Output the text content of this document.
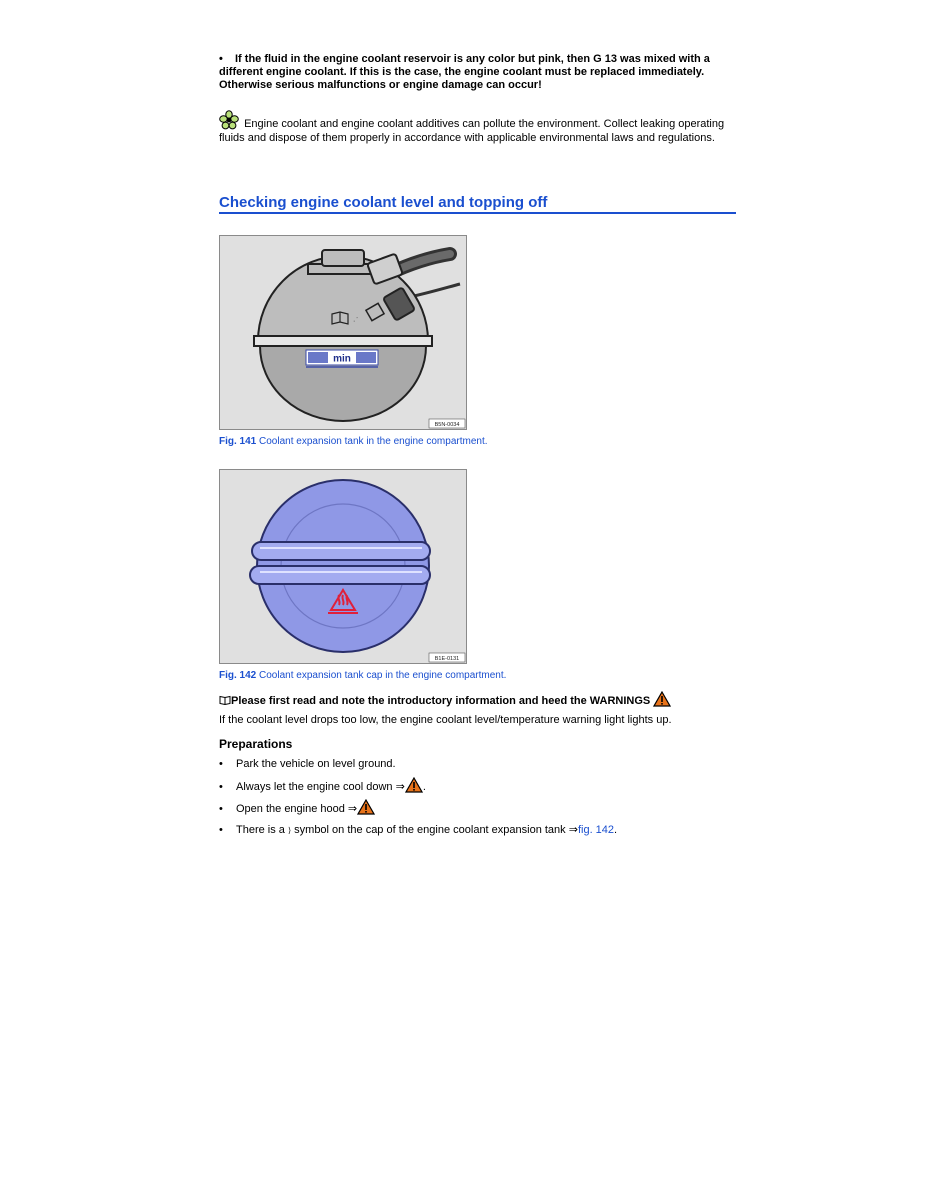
•	If the fluid in the engine coolant reservoir is any color but pink, then G 13 was mixed with a different engine coolant. If this is the case, the engine coolant must be replaced immediately. Otherwise serious malfunctions or engine damage can occur!
Engine coolant and engine coolant additives can pollute the environment. Collect leaking operating fluids and dispose of them properly in accordance with applicable environmental laws and regulations.
Checking engine coolant level and topping off
· ·
min
B5N-0034
Fig. 141 Coolant expansion tank in the engine compartment.
B1E-0131
Fig. 142 Coolant expansion tank cap in the engine compartment.
Please first read and note the introductory information and heed the WARNINGS
If the coolant level drops too low, the engine coolant level/temperature warning light lights up.
Preparations
• Park the vehicle on level ground.
• Always let the engine cool down ⇒ .
• Open the engine hood ⇒
• There is a ⟩ symbol on the cap of the engine coolant expansion tank ⇒fig. 142.
